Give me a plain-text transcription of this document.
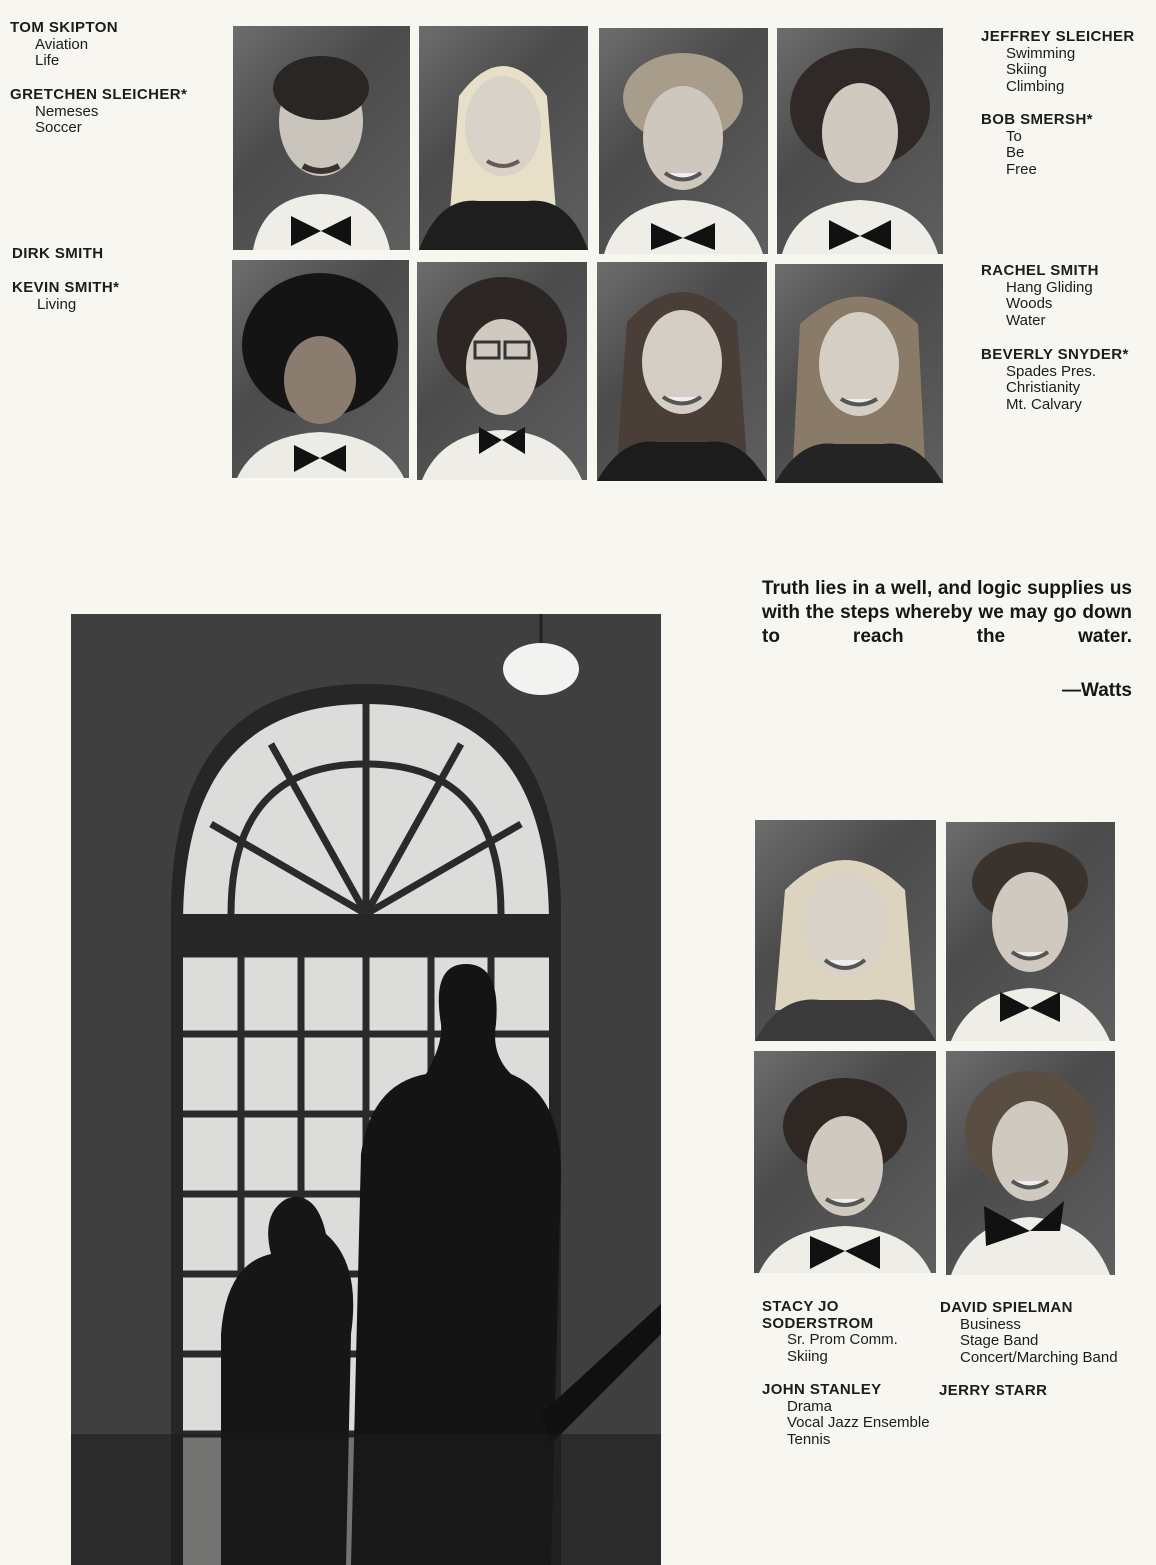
TOM SKIPTON
Aviation
Life
GRETCHEN SLEICHER*
Nemeses
Soccer
DIRK SMITH
KEVIN SMITH*
Living
JEFFREY SLEICHER
Swimming
Skiing
Climbing
BOB SMERSH*
To
Be
Free
RACHEL SMITH
Hang Gliding
Woods
Water
BEVERLY SNYDER*
Spades Pres.
Christianity
Mt. Calvary
Truth lies in a well, and logic supplies us with the steps whereby we may go down to reach the water.
—Watts
STACY JO SODERSTROM
Sr. Prom Comm.
Skiing
DAVID SPIELMAN
Business
Stage Band
Concert/Marching Band
JOHN STANLEY
Drama
Vocal Jazz Ensemble
Tennis
JERRY STARR
